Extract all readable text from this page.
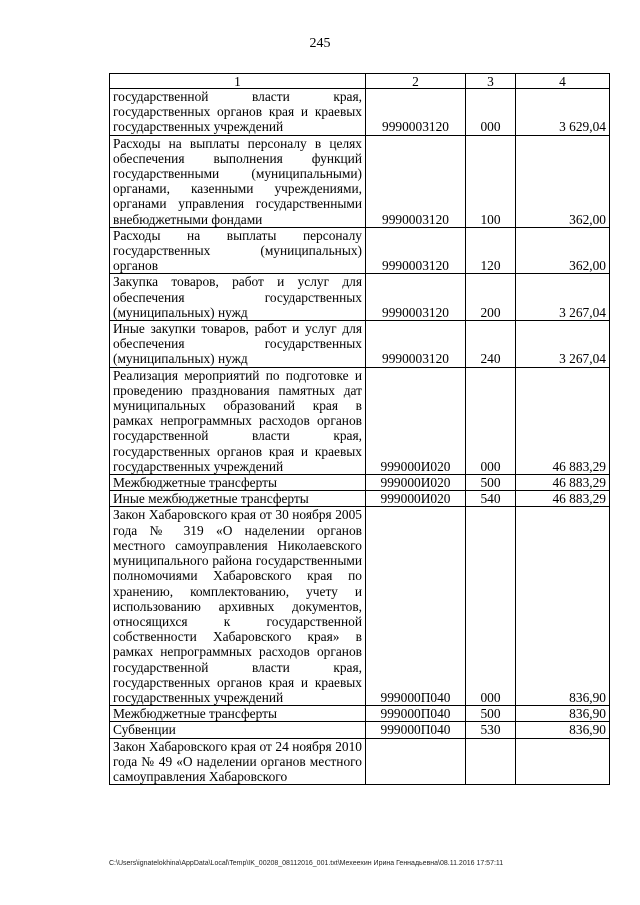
245
1	2	3	4
государственной власти края, государственных органов края и краевых государственных учреждений	9990003120	000	3 629,04
Расходы на выплаты персоналу в целях обеспечения выполнения функций государственными (муниципальными) органами, казенными учреждениями, органами управления государственными внебюджетными фондами	9990003120	100	362,00
Расходы на выплаты персоналу государственных (муниципальных) органов	9990003120	120	362,00
Закупка товаров, работ и услуг для обеспечения государственных (муниципальных) нужд	9990003120	200	3 267,04
Иные закупки товаров, работ и услуг для обеспечения государственных (муниципальных) нужд	9990003120	240	3 267,04
Реализация мероприятий по подготовке и проведению празднования памятных дат муниципальных образований края в рамках непрограммных расходов органов государственной власти края, государственных органов края и краевых государственных учреждений	999000И020	000	46 883,29
Межбюджетные трансферты	999000И020	500	46 883,29
Иные межбюджетные трансферты	999000И020	540	46 883,29
Закон Хабаровского края от 30 ноября 2005 года № 319 «О наделении органов местного самоуправления Николаевского муниципального района государственными полномочиями Хабаровского края по хранению, комплектованию, учету и использованию архивных документов, относящихся к государственной собственности Хабаровского края» в рамках непрограммных расходов органов государственной власти края, государственных органов края и краевых государственных учреждений	999000П040	000	836,90
Межбюджетные трансферты	999000П040	500	836,90
Субвенции	999000П040	530	836,90
Закон Хабаровского края от 24 ноября 2010 года № 49 «О наделении органов местного самоуправления Хабаровского			
C:\Users\ignatelokhina\AppData\Local\Temp\IK_00208_08112016_001.txt\Мехеехин Ирина Геннадьевна\08.11.2016 17:57:11
